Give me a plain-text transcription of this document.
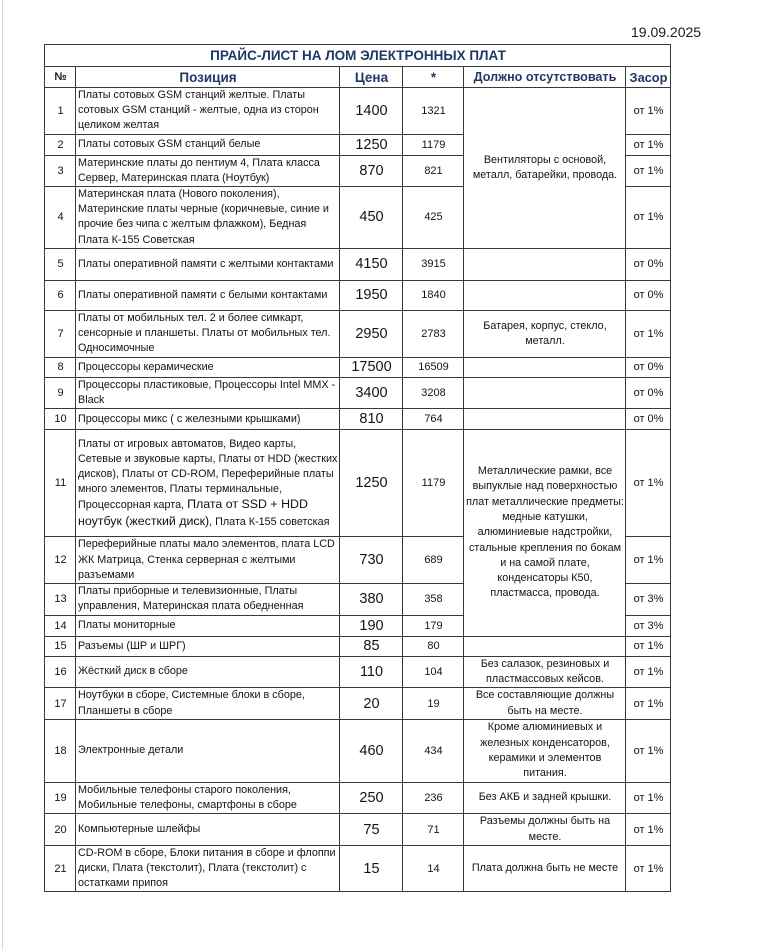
19.09.2025
ПРАЙС-ЛИСТ НА ЛОМ ЭЛЕКТРОННЫХ ПЛАТ					
№	Позиция	Цена	*	Должно отсутствовать	Засор
1	Платы сотовых GSM станций желтые. Платы сотовых GSM станций - желтые, одна из сторон целиком желтая	1400	1321	Вентиляторы с основой, металл, батарейки, провода.	от 1%
2	Платы сотовых GSM станций белые	1250	1179		от 1%
3	Материнские платы до пентиум 4, Плата класса Сервер, Материнская плата (Ноутбук)	870	821		от 1%
4	Материнская плата (Нового поколения), Материнские платы черные (коричневые, синие и прочие без чипа с желтым флажком), Бедная Плата К-155 Советская	450	425		от 1%
5	Платы оперативной памяти с желтыми контактами	4150	3915		от 0%
6	Платы оперативной памяти с белыми контактами	1950	1840		от 0%
7	Платы от мобильных тел. 2 и более симкарт, сенсорные и планшеты. Платы от мобильных тел. Односимочные	2950	2783	Батарея, корпус, стекло, металл.	от 1%
8	Процессоры керамические	17500	16509		от 0%
9	Процессоры пластиковые, Процессоры Intel MMX - Black	3400	3208		от 0%
10	Процессоры микс ( с железными крышками)	810	764		от 0%
11	Платы от игровых автоматов, Видео карты, Сетевые и звуковые карты, Платы от HDD (жестких дисков), Платы от CD-ROM, Переферийные платы много элементов, Платы терминальные, Процессорная карта, Плата от SSD + HDD ноутбук (жесткий диск), Плата К-155 советская	1250	1179	Металлические рамки, все выпуклые над поверхностью плат металлические предметы: медные катушки, алюминиевые надстройки, стальные крепления по бокам и на самой плате, конденсаторы К50, пластмасса, провода.	от 1%
12	Переферийные платы мало элементов, плата LCD ЖК Матрица, Стенка серверная с желтыми разъемами	730	689		от 1%
13	Платы приборные и телевизионные, Платы управления, Материнская плата обедненная	380	358		от 3%
14	Платы мониторные	190	179		от 3%
15	Разъемы (ШР и ШРГ)	85	80		от 1%
16	Жёсткий диск в сборе	110	104	Без салазок, резиновых и пластмассовых кейсов.	от 1%
17	Ноутбуки в сборе, Системные блоки в сборе, Планшеты в сборе	20	19	Все составляющие должны быть на месте.	от 1%
18	Электронные детали	460	434	Кроме алюминиевых и железных конденсаторов, керамики и элементов питания.	от 1%
19	Мобильные телефоны старого поколения, Мобильные телефоны, смартфоны в сборе	250	236	Без АКБ и задней крышки.	от 1%
20	Компьютерные шлейфы	75	71	Разъемы должны быть на месте.	от 1%
21	CD-ROM в сборе, Блоки питания в сборе и флоппи диски, Плата (текстолит), Плата (текстолит) с остатками припоя	15	14	Плата должна быть не месте	от 1%
